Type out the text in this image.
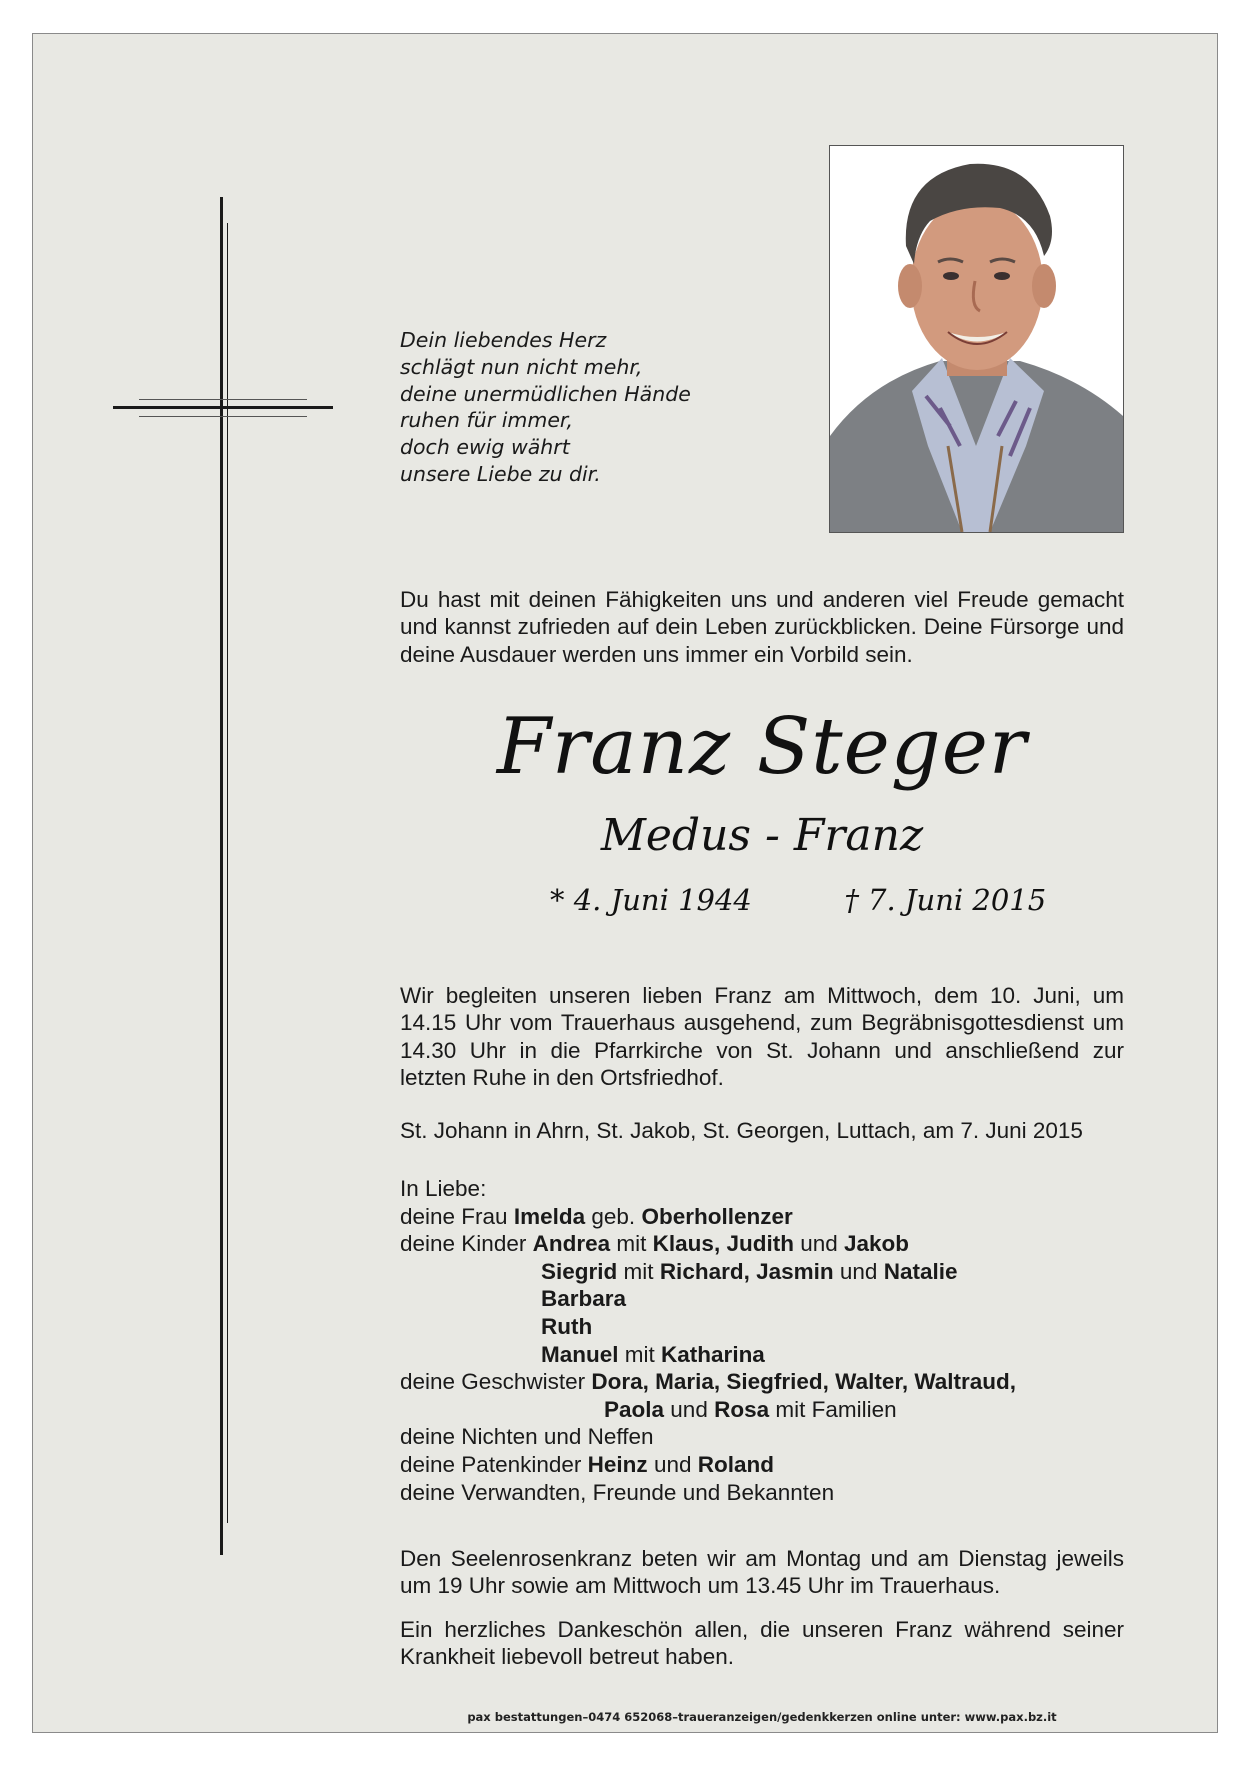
Dein liebendes Herz
schlägt nun nicht mehr,
deine unermüdlichen Hände
ruhen für immer,
doch ewig währt
unsere Liebe zu dir.
Du hast mit deinen Fähigkeiten uns und anderen viel Freude gemacht und kannst zufrieden auf dein Leben zurückblicken. Deine Fürsorge und deine Ausdauer werden uns immer ein Vorbild sein.
Franz Steger
Medus - Franz
* 4. Juni 1944	† 7. Juni 2015
Wir begleiten unseren lieben Franz am Mittwoch, dem 10. Juni, um 14.15 Uhr vom Trauerhaus ausgehend, zum Begräbnisgottesdienst um 14.30 Uhr in die Pfarrkirche von St. Johann und anschließend zur letzten Ruhe in den Ortsfriedhof.
St. Johann in Ahrn, St. Jakob, St. Georgen, Luttach, am 7. Juni 2015
In Liebe:
deine Frau Imelda geb. Oberhollenzer
deine Kinder Andrea mit Klaus, Judith und Jakob
Siegrid mit Richard, Jasmin und Natalie
Barbara
Ruth
Manuel mit Katharina
deine Geschwister Dora, Maria, Siegfried, Walter, Waltraud,
Paola und Rosa mit Familien
deine Nichten und Neffen
deine Patenkinder Heinz und Roland
deine Verwandten, Freunde und Bekannten
Den Seelenrosenkranz beten wir am Montag und am Dienstag jeweils um 19 Uhr sowie am Mittwoch um 13.45 Uhr im Trauerhaus.
Ein herzliches Dankeschön allen, die unseren Franz während seiner Krankheit liebevoll betreut haben.
pax bestattungen–0474 652068–traueranzeigen/gedenkkerzen online unter: www.pax.bz.it
